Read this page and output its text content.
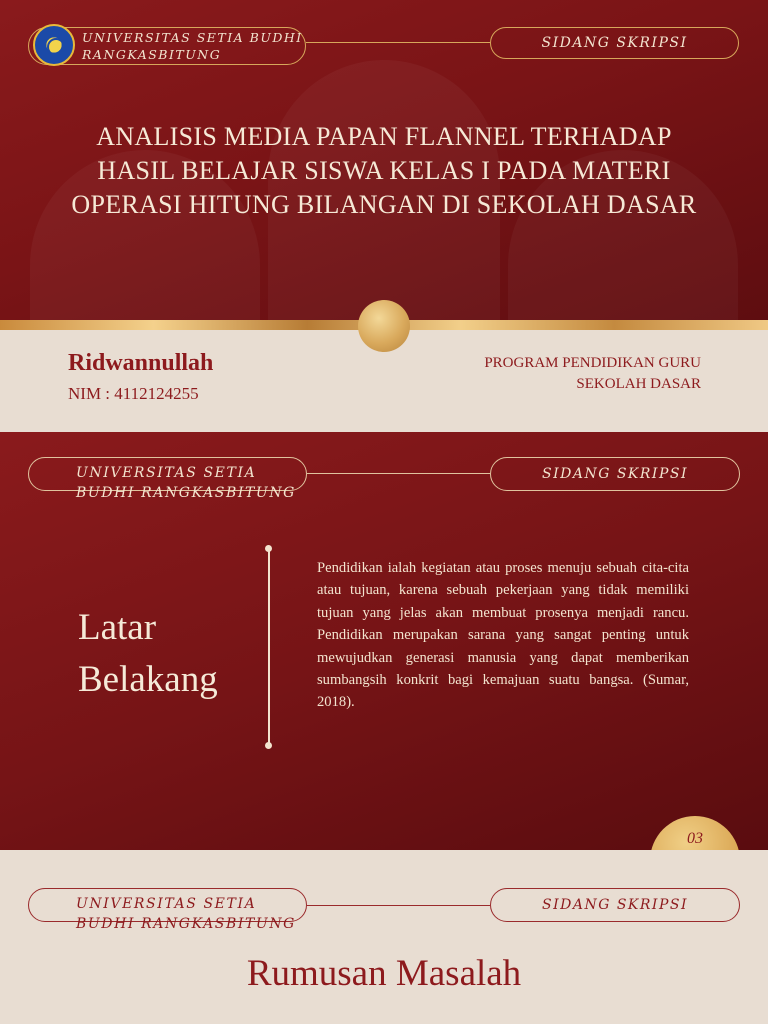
UNIVERSITAS SETIA BUDHI
RANGKASBITUNG
SIDANG SKRIPSI
ANALISIS MEDIA PAPAN FLANNEL TERHADAP
HASIL BELAJAR SISWA KELAS I PADA MATERI
OPERASI HITUNG BILANGAN DI SEKOLAH DASAR
Ridwannullah
NIM : 4112124255
PROGRAM PENDIDIKAN GURU
SEKOLAH DASAR
UNIVERSITAS SETIA
BUDHI RANGKASBITUNG
SIDANG SKRIPSI
Latar
Belakang
Pendidikan ialah kegiatan atau proses menuju sebuah cita-cita atau tujuan, karena sebuah pekerjaan yang tidak memiliki tujuan yang jelas akan membuat prosenya menjadi rancu. Pendidikan merupakan sarana yang sangat penting untuk mewujudkan generasi manusia yang dapat memberikan sumbangsih konkrit bagi kemajuan suatu bangsa. (Sumar, 2018).
03
UNIVERSITAS SETIA
BUDHI RANGKASBITUNG
SIDANG SKRIPSI
Rumusan Masalah
